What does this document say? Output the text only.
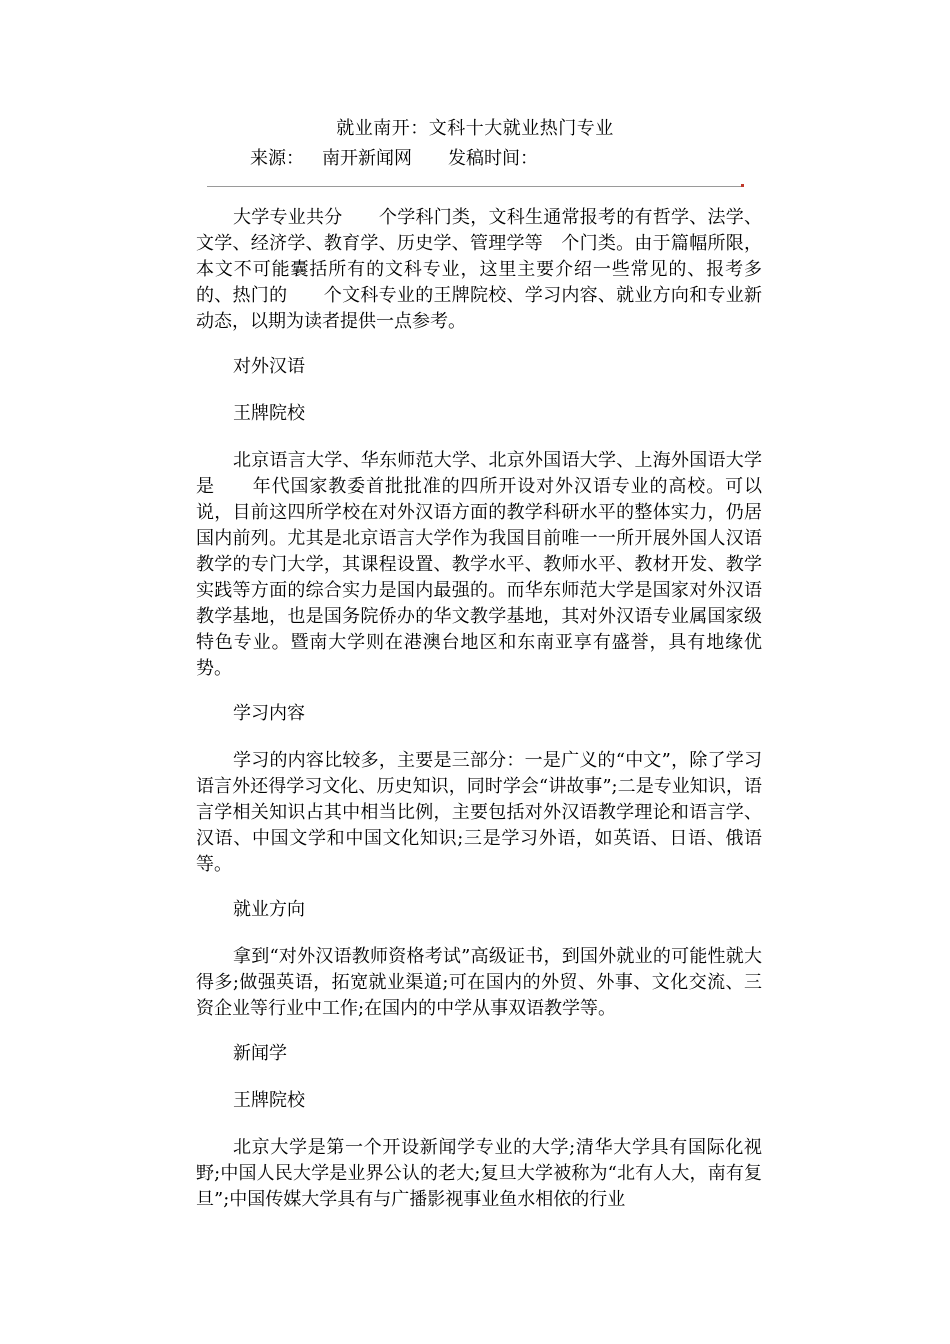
就业南开：文科十大就业热门专业
来源： 南开新闻网 发稿时间：

大学专业共分　　个学科门类，文科生通常报考的有哲学、法学、文学、经济学、教育学、历史学、管理学等　个门类。由于篇幅所限，本文不可能囊括所有的文科专业，这里主要介绍一些常见的、报考多的、热门的　　个文科专业的王牌院校、学习内容、就业方向和专业新动态，以期为读者提供一点参考。

对外汉语

王牌院校

北京语言大学、华东师范大学、北京外国语大学、上海外国语大学是　　年代国家教委首批批准的四所开设对外汉语专业的高校。可以说，目前这四所学校在对外汉语方面的教学科研水平的整体实力，仍居国内前列。尤其是北京语言大学作为我国目前唯一一所开展外国人汉语教学的专门大学，其课程设置、教学水平、教师水平、教材开发、教学实践等方面的综合实力是国内最强的。而华东师范大学是国家对外汉语教学基地，也是国务院侨办的华文教学基地，其对外汉语专业属国家级特色专业。暨南大学则在港澳台地区和东南亚享有盛誉，具有地缘优势。

学习内容

学习的内容比较多，主要是三部分：一是广义的“中文”，除了学习语言外还得学习文化、历史知识，同时学会“讲故事”;二是专业知识，语言学相关知识占其中相当比例，主要包括对外汉语教学理论和语言学、汉语、中国文学和中国文化知识;三是学习外语，如英语、日语、俄语等。

就业方向

拿到“对外汉语教师资格考试”高级证书，到国外就业的可能性就大得多;做强英语，拓宽就业渠道;可在国内的外贸、外事、文化交流、三资企业等行业中工作;在国内的中学从事双语教学等。

新闻学

王牌院校

北京大学是第一个开设新闻学专业的大学;清华大学具有国际化视野;中国人民大学是业界公认的老大;复旦大学被称为“北有人大，南有复旦”;中国传媒大学具有与广播影视事业鱼水相依的行业
